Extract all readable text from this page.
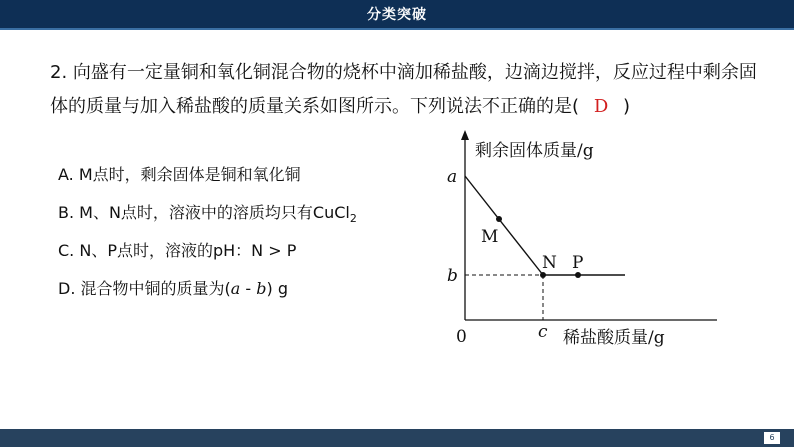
分类突破
2. 向盛有一定量铜和氧化铜混合物的烧杯中滴加稀盐酸，边滴边搅拌，反应过程中剩余固体的质量与加入稀盐酸的质量关系如图所示。下列说法不正确的是( D )
A. M点时，剩余固体是铜和氧化铜
B. M、N点时，溶液中的溶质均只有CuCl$_2$
C. N、P点时，溶液的pH：N > P
D. 混合物中铜的质量为(a - b) g
剩余固体质量/g
稀盐酸质量/g
0
a
b
c
M
N P
6
